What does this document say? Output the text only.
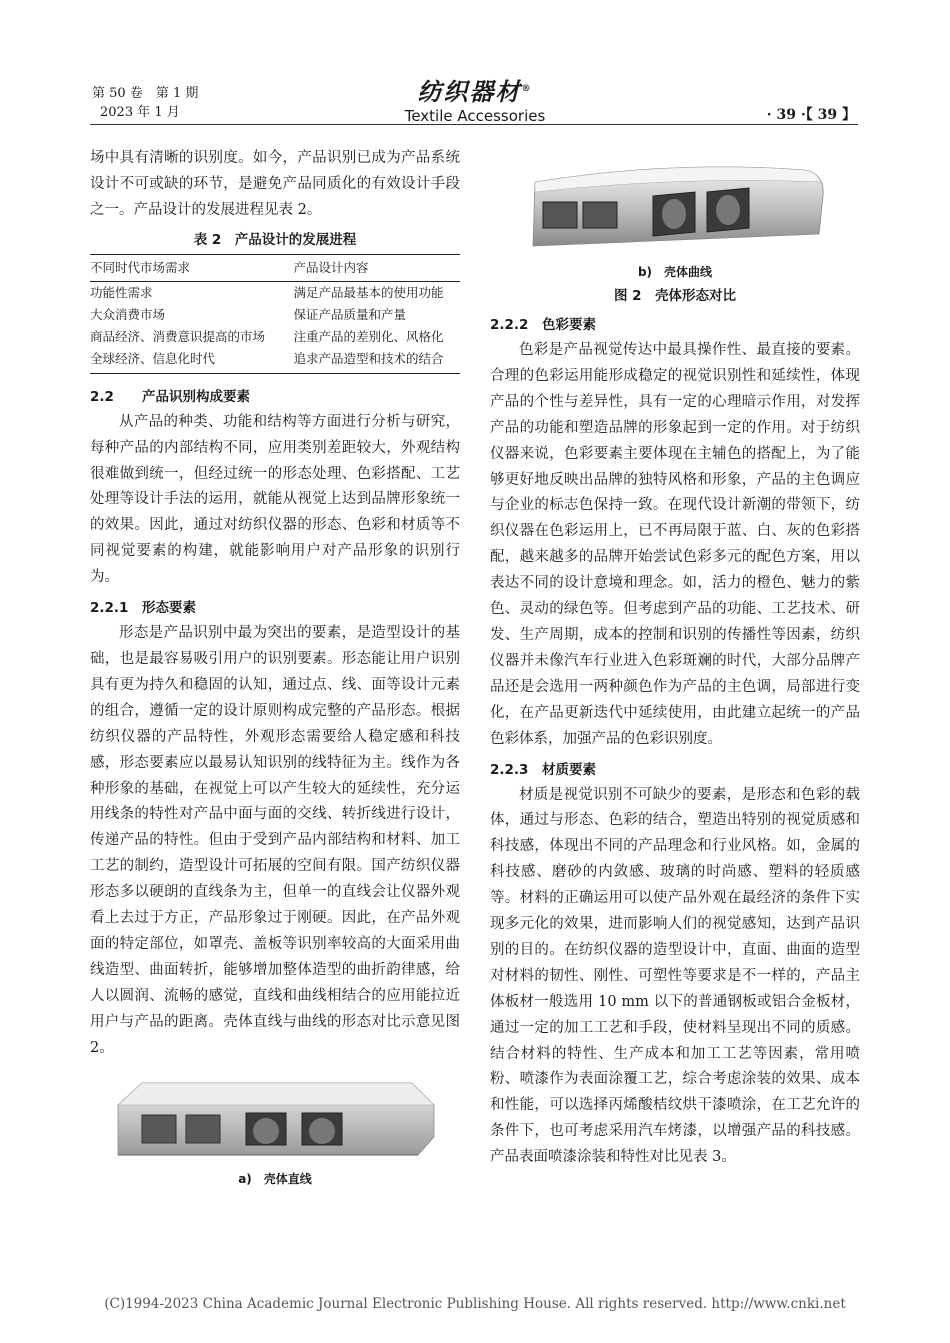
第 50 卷　第 1 期
2023 年 1 月
纺织器材®
Textile Accessories	· 39 ·【 39 】

场中具有清晰的识别度。如今，产品识别已成为产品系统设计不可或缺的环节，是避免产品同质化的有效设计手段之一。产品设计的发展进程见表 2。

表 2　产品设计的发展进程
不同时代市场需求	产品设计内容
功能性需求	满足产品最基本的使用功能
大众消费市场	保证产品质量和产量
商品经济、消费意识提高的市场	注重产品的差别化、风格化
全球经济、信息化时代	追求产品造型和技术的结合
2.2 产品识别构成要素

从产品的种类、功能和结构等方面进行分析与研究，每种产品的内部结构不同，应用类别差距较大，外观结构很难做到统一，但经过统一的形态处理、色彩搭配、工艺处理等设计手法的运用，就能从视觉上达到品牌形象统一的效果。因此，通过对纺织仪器的形态、色彩和材质等不同视觉要素的构建，就能影响用户对产品形象的识别行为。

2.2.1 形态要素

形态是产品识别中最为突出的要素，是造型设计的基础，也是最容易吸引用户的识别要素。形态能让用户识别具有更为持久和稳固的认知，通过点、线、面等设计元素的组合，遵循一定的设计原则构成完整的产品形态。根据纺织仪器的产品特性，外观形态需要给人稳定感和科技感，形态要素应以最易认知识别的线特征为主。线作为各种形象的基础，在视觉上可以产生较大的延续性，充分运用线条的特性对产品中面与面的交线、转折线进行设计，传递产品的特性。但由于受到产品内部结构和材料、加工工艺的制约，造型设计可拓展的空间有限。国产纺织仪器形态多以硬朗的直线条为主，但单一的直线会让仪器外观看上去过于方正，产品形象过于刚硬。因此，在产品外观面的特定部位，如罩壳、盖板等识别率较高的大面采用曲线造型、曲面转折，能够增加整体造型的曲折韵律感，给人以圆润、流畅的感觉，直线和曲线相结合的应用能拉近用户与产品的距离。壳体直线与曲线的形态对比示意见图 2。

a)　壳体直线
b)　壳体曲线
图 2　壳体形态对比
2.2.2 色彩要素

色彩是产品视觉传达中最具操作性、最直接的要素。合理的色彩运用能形成稳定的视觉识别性和延续性，体现产品的个性与差异性，具有一定的心理暗示作用，对发挥产品的功能和塑造品牌的形象起到一定的作用。对于纺织仪器来说，色彩要素主要体现在主辅色的搭配上，为了能够更好地反映出品牌的独特风格和形象，产品的主色调应与企业的标志色保持一致。在现代设计新潮的带领下，纺织仪器在色彩运用上，已不再局限于蓝、白、灰的色彩搭配，越来越多的品牌开始尝试色彩多元的配色方案，用以表达不同的设计意境和理念。如，活力的橙色、魅力的紫色、灵动的绿色等。但考虑到产品的功能、工艺技术、研发、生产周期，成本的控制和识别的传播性等因素，纺织仪器并未像汽车行业进入色彩斑斓的时代，大部分品牌产品还是会选用一两种颜色作为产品的主色调，局部进行变化，在产品更新迭代中延续使用，由此建立起统一的产品色彩体系，加强产品的色彩识别度。

2.2.3 材质要素

材质是视觉识别不可缺少的要素，是形态和色彩的载体，通过与形态、色彩的结合，塑造出特别的视觉质感和科技感，体现出不同的产品理念和行业风格。如，金属的科技感、磨砂的内敛感、玻璃的时尚感、塑料的轻质感等。材料的正确运用可以使产品外观在最经济的条件下实现多元化的效果，进而影响人们的视觉感知，达到产品识别的目的。在纺织仪器的造型设计中，直面、曲面的造型对材料的韧性、刚性、可塑性等要求是不一样的，产品主体板材一般选用 10 mm 以下的普通钢板或铝合金板材，通过一定的加工工艺和手段，使材料呈现出不同的质感。结合材料的特性、生产成本和加工工艺等因素，常用喷粉、喷漆作为表面涂覆工艺，综合考虑涂装的效果、成本和性能，可以选择丙烯酸桔纹烘干漆喷涂，在工艺允许的条件下，也可考虑采用汽车烤漆，以增强产品的科技感。产品表面喷漆涂装和特性对比见表 3。

(C)1994-2023 China Academic Journal Electronic Publishing House. All rights reserved. http://www.cnki.net
